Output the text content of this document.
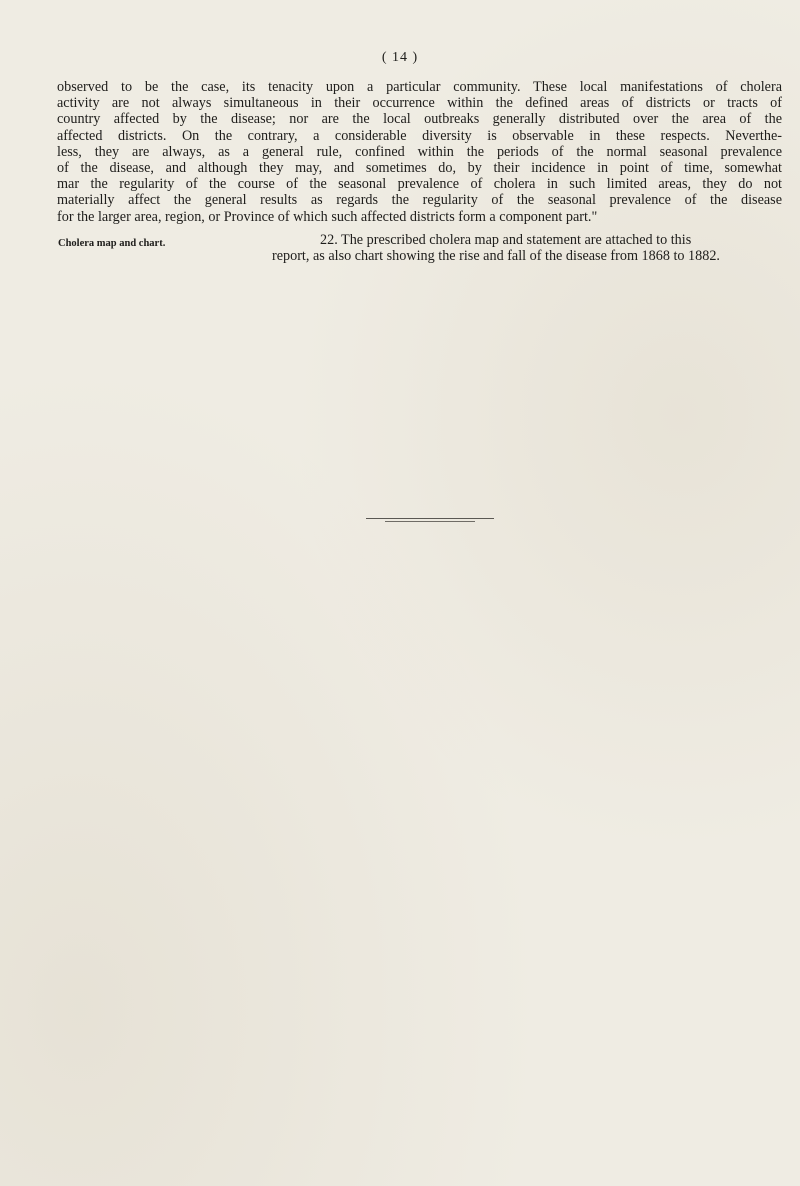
( 14 )
observed to be the case, its tenacity upon a particular community. These local manifestations of cholera
activity are not always simultaneous in their occurrence within the defined areas of districts or tracts of
country affected by the disease; nor are the local outbreaks generally distributed over the area of the
affected districts. On the contrary, a considerable diversity is observable in these respects. Neverthe-
less, they are always, as a general rule, confined within the periods of the normal seasonal prevalence
of the disease, and although they may, and sometimes do, by their incidence in point of time, somewhat
mar the regularity of the course of the seasonal prevalence of cholera in such limited areas, they do not
materially affect the general results as regards the regularity of the seasonal prevalence of the disease
for the larger area, region, or Province of which such affected districts form a component part."
Cholera map and chart.	22. The prescribed cholera map and statement are attached to this
report, as also chart showing the rise and fall of the disease from 1868 to 1882.
